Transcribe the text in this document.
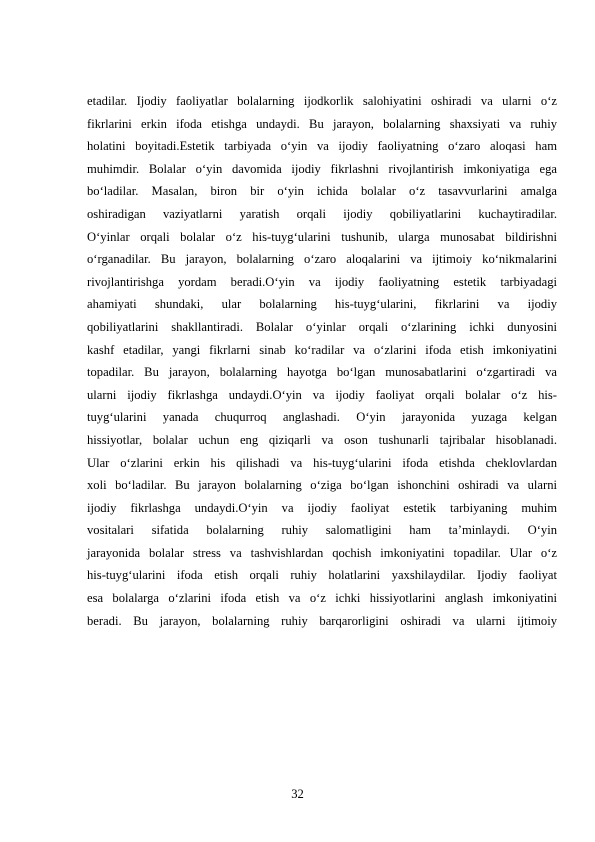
etadilar. Ijodiy faoliyatlar bolalarning ijodkorlik salohiyatini oshiradi va ularni o‘z
fikrlarini erkin ifoda etishga undaydi. Bu jarayon, bolalarning shaxsiyati va ruhiy
holatini boyitadi.Estetik tarbiyada o‘yin va ijodiy faoliyatning o‘zaro aloqasi ham
muhimdir. Bolalar o‘yin davomida ijodiy fikrlashni rivojlantirish imkoniyatiga ega
bo‘ladilar. Masalan, biron bir o‘yin ichida bolalar o‘z tasavvurlarini amalga
oshiradigan vaziyatlarni yaratish orqali ijodiy qobiliyatlarini kuchaytiradilar.
O‘yinlar orqali bolalar o‘z his-tuyg‘ularini tushunib, ularga munosabat bildirishni
o‘rganadilar. Bu jarayon, bolalarning o‘zaro aloqalarini va ijtimoiy ko‘nikmalarini
rivojlantirishga yordam beradi.O‘yin va ijodiy faoliyatning estetik tarbiyadagi
ahamiyati shundaki, ular bolalarning his-tuyg‘ularini, fikrlarini va ijodiy
qobiliyatlarini shakllantiradi. Bolalar o‘yinlar orqali o‘zlarining ichki dunyosini
kashf etadilar, yangi fikrlarni sinab ko‘radilar va o‘zlarini ifoda etish imkoniyatini
topadilar. Bu jarayon, bolalarning hayotga bo‘lgan munosabatlarini o‘zgartiradi va
ularni ijodiy fikrlashga undaydi.O‘yin va ijodiy faoliyat orqali bolalar o‘z his-
tuyg‘ularini yanada chuqurroq anglashadi. O‘yin jarayonida yuzaga kelgan
hissiyotlar, bolalar uchun eng qiziqarli va oson tushunarli tajribalar hisoblanadi.
Ular o‘zlarini erkin his qilishadi va his-tuyg‘ularini ifoda etishda cheklovlardan
xoli bo‘ladilar. Bu jarayon bolalarning o‘ziga bo‘lgan ishonchini oshiradi va ularni
ijodiy fikrlashga undaydi.O‘yin va ijodiy faoliyat estetik tarbiyaning muhim
vositalari sifatida bolalarning ruhiy salomatligini ham ta’minlaydi. O‘yin
jarayonida bolalar stress va tashvishlardan qochish imkoniyatini topadilar. Ular o‘z
his-tuyg‘ularini ifoda etish orqali ruhiy holatlarini yaxshilaydilar. Ijodiy faoliyat
esa bolalarga o‘zlarini ifoda etish va o‘z ichki hissiyotlarini anglash imkoniyatini
beradi. Bu jarayon, bolalarning ruhiy barqarorligini oshiradi va ularni ijtimoiy
32
